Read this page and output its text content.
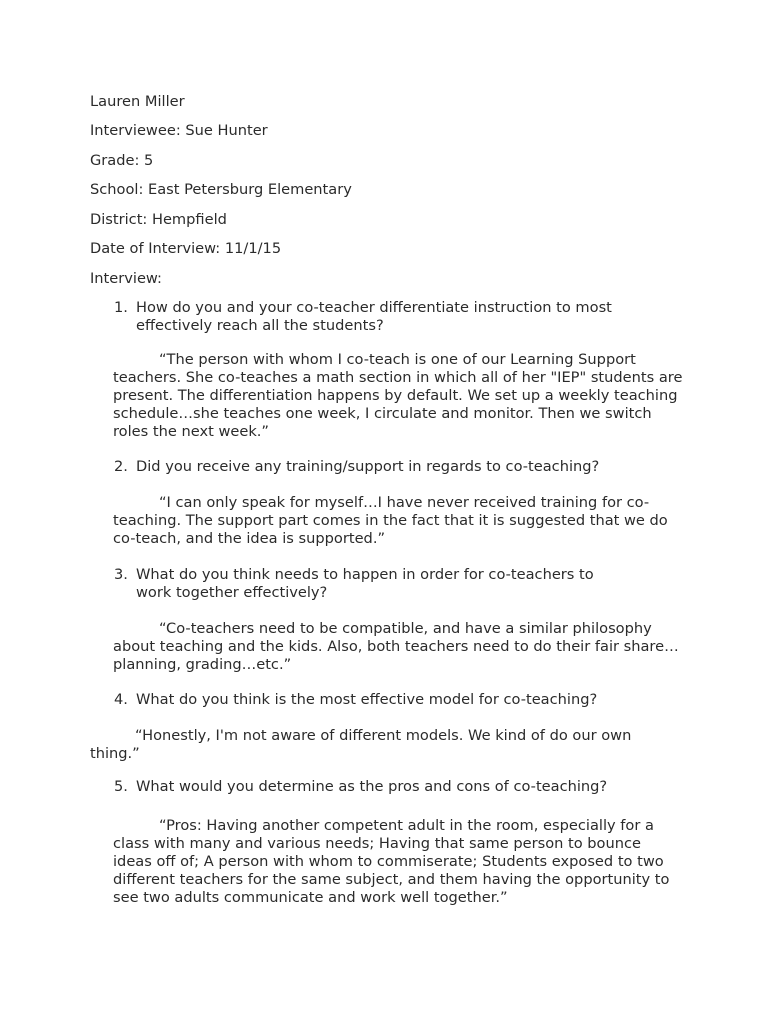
Lauren Miller
Interviewee: Sue Hunter
Grade: 5
School: East Petersburg Elementary
District: Hempfield
Date of Interview: 11/1/15
Interview:
1. How do you and your co-teacher differentiate instruction to most
effectively reach all the students?
“The person with whom I co-teach is one of our Learning Support teachers. She co-teaches a math section in which all of her "IEP" students are present. The differentiation happens by default. We set up a weekly teaching schedule…she teaches one week, I circulate and monitor. Then we switch roles the next week.”
2. Did you receive any training/support in regards to co-teaching?
“I can only speak for myself…I have never received training for co-teaching. The support part comes in the fact that it is suggested that we do co-teach, and the idea is supported.”
3. What do you think needs to happen in order for co-teachers to
work together effectively?
“Co-teachers need to be compatible, and have a similar philosophy about teaching and the kids. Also, both teachers need to do their fair share…planning, grading…etc.”
4. What do you think is the most effective model for co-teaching?
“Honestly, I'm not aware of different models. We kind of do our own thing.”
5. What would you determine as the pros and cons of co-teaching?
“Pros: Having another competent adult in the room, especially for a class with many and various needs; Having that same person to bounce ideas off of; A person with whom to commiserate; Students exposed to two different teachers for the same subject, and them having the opportunity to see two adults communicate and work well together.”
